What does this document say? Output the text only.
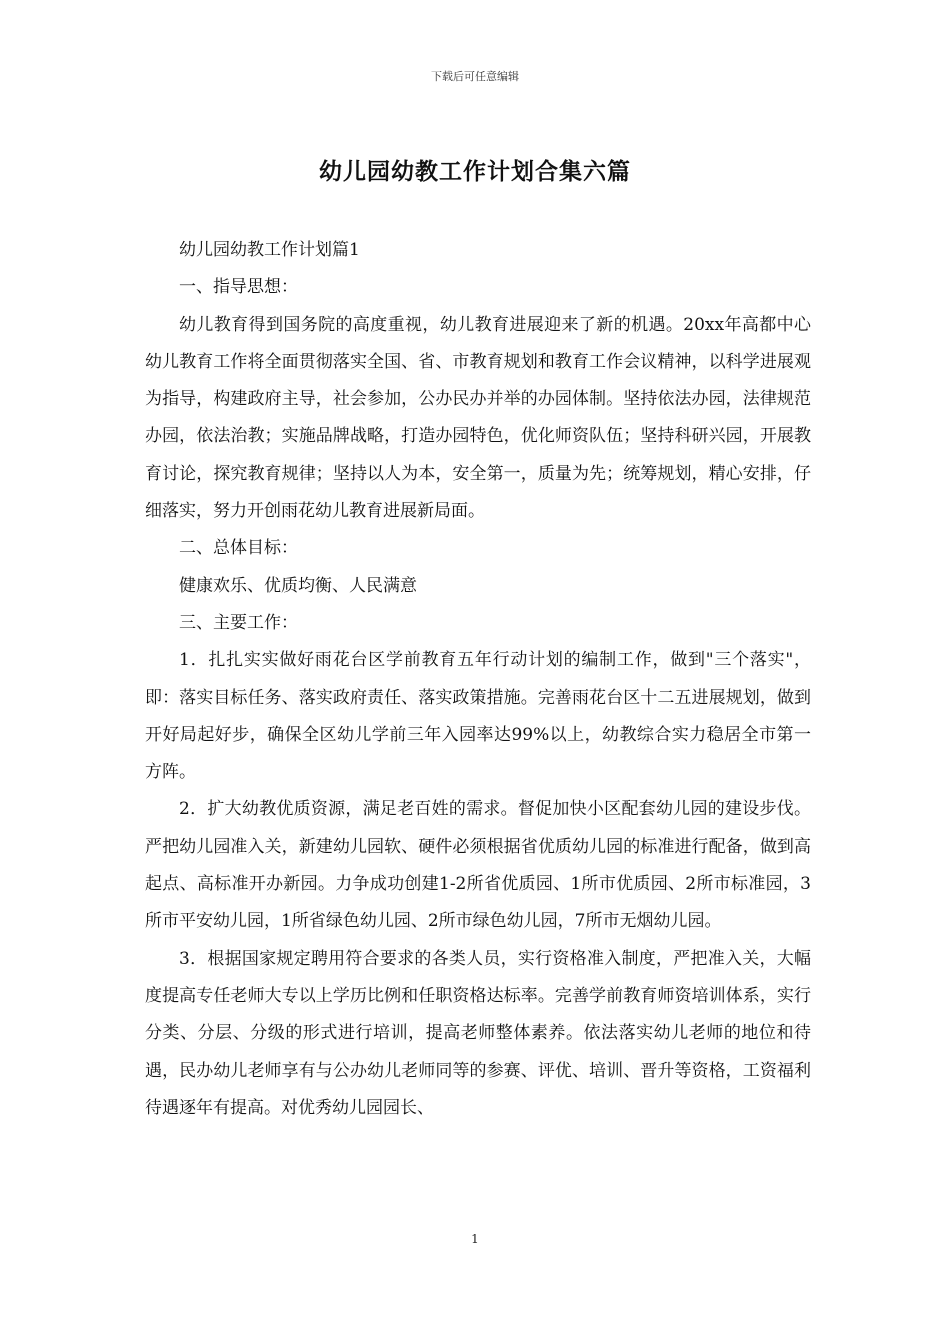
下载后可任意编辑
幼儿园幼教工作计划合集六篇

幼儿园幼教工作计划篇1

一、指导思想：

幼儿教育得到国务院的高度重视，幼儿教育进展迎来了新的机遇。20xx年高都中心幼儿教育工作将全面贯彻落实全国、省、市教育规划和教育工作会议精神，以科学进展观为指导，构建政府主导，社会参加，公办民办并举的办园体制。坚持依法办园，法律规范办园，依法治教；实施品牌战略，打造办园特色，优化师资队伍；坚持科研兴园，开展教育讨论，探究教育规律；坚持以人为本，安全第一，质量为先；统筹规划，精心安排，仔细落实，努力开创雨花幼儿教育进展新局面。

二、总体目标：

健康欢乐、优质均衡、人民满意

三、主要工作：

1．扎扎实实做好雨花台区学前教育五年行动计划的编制工作，做到"三个落实"，即：落实目标任务、落实政府责任、落实政策措施。完善雨花台区十二五进展规划，做到开好局起好步，确保全区幼儿学前三年入园率达99%以上，幼教综合实力稳居全市第一方阵。

2．扩大幼教优质资源，满足老百姓的需求。督促加快小区配套幼儿园的建设步伐。严把幼儿园准入关，新建幼儿园软、硬件必须根据省优质幼儿园的标准进行配备，做到高起点、高标准开办新园。力争成功创建1-2所省优质园、1所市优质园、2所市标准园，3所市平安幼儿园，1所省绿色幼儿园、2所市绿色幼儿园，7所市无烟幼儿园。

3．根据国家规定聘用符合要求的各类人员，实行资格准入制度，严把准入关，大幅度提高专任老师大专以上学历比例和任职资格达标率。完善学前教育师资培训体系，实行分类、分层、分级的形式进行培训，提高老师整体素养。依法落实幼儿老师的地位和待遇，民办幼儿老师享有与公办幼儿老师同等的参赛、评优、培训、晋升等资格，工资福利待遇逐年有提高。对优秀幼儿园园长、

1
